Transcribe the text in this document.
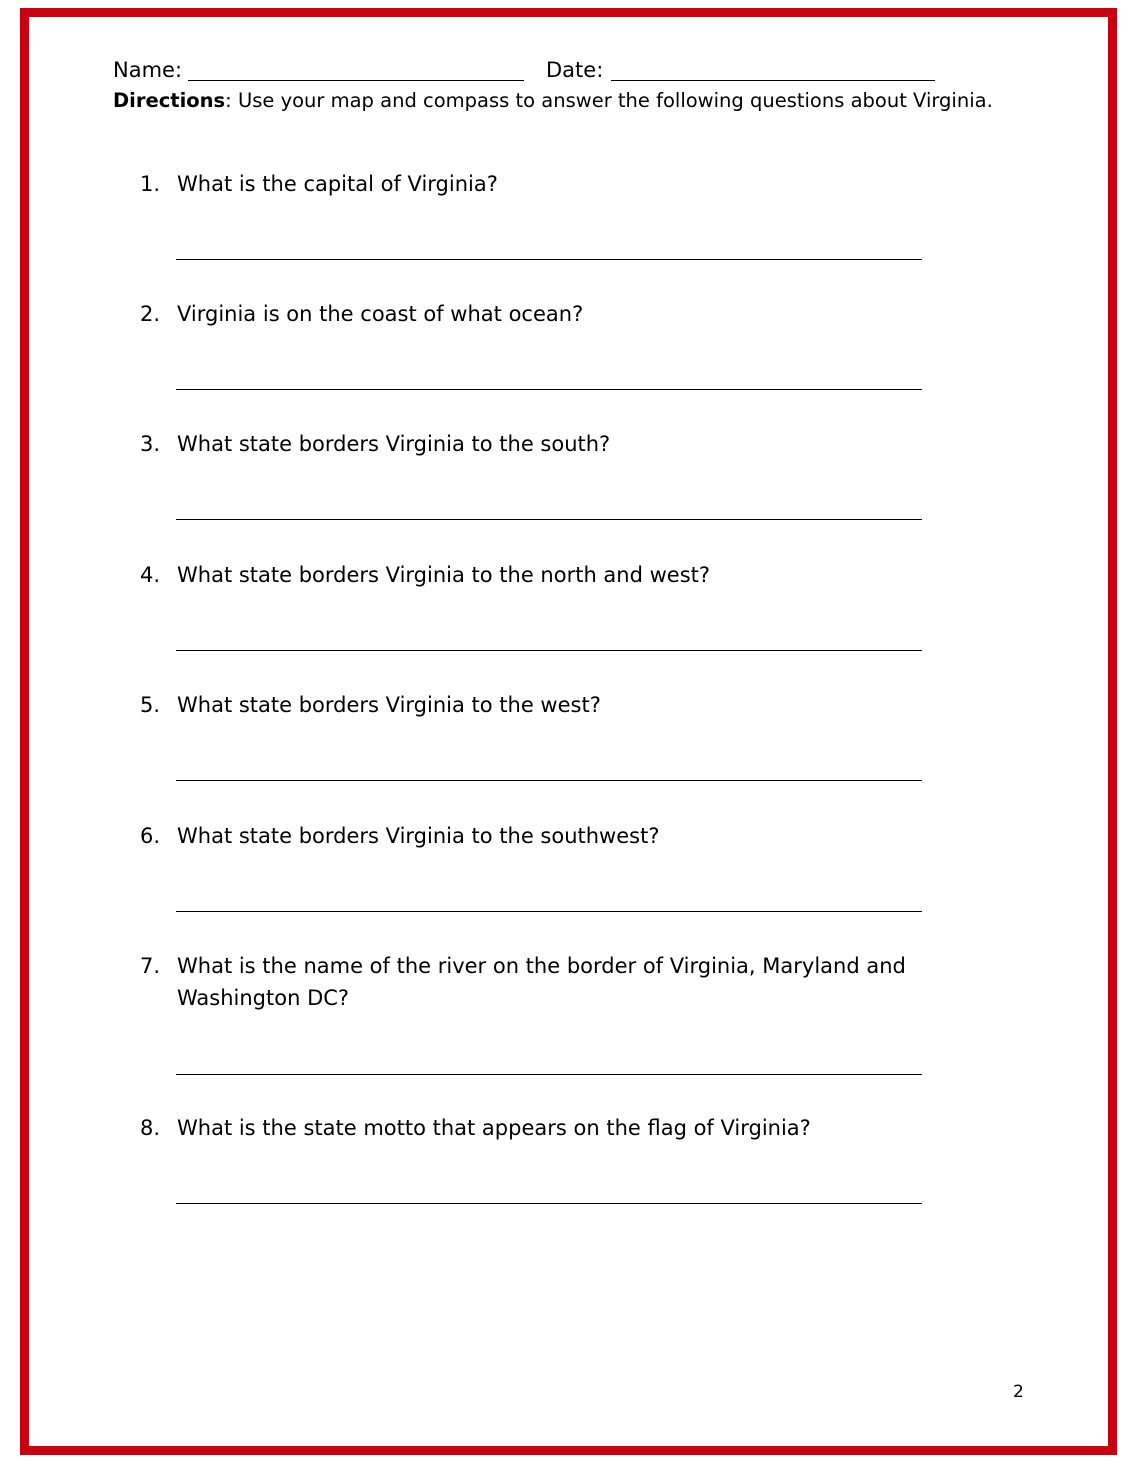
Name:	Date:
Directions: Use your map and compass to answer the following questions about Virginia.
1. What is the capital of Virginia?
2. Virginia is on the coast of what ocean?
3. What state borders Virginia to the south?
4. What state borders Virginia to the north and west?
5. What state borders Virginia to the west?
6. What state borders Virginia to the southwest?
7. What is the name of the river on the border of Virginia, Maryland and Washington DC?
8. What is the state motto that appears on the flag of Virginia?
2
